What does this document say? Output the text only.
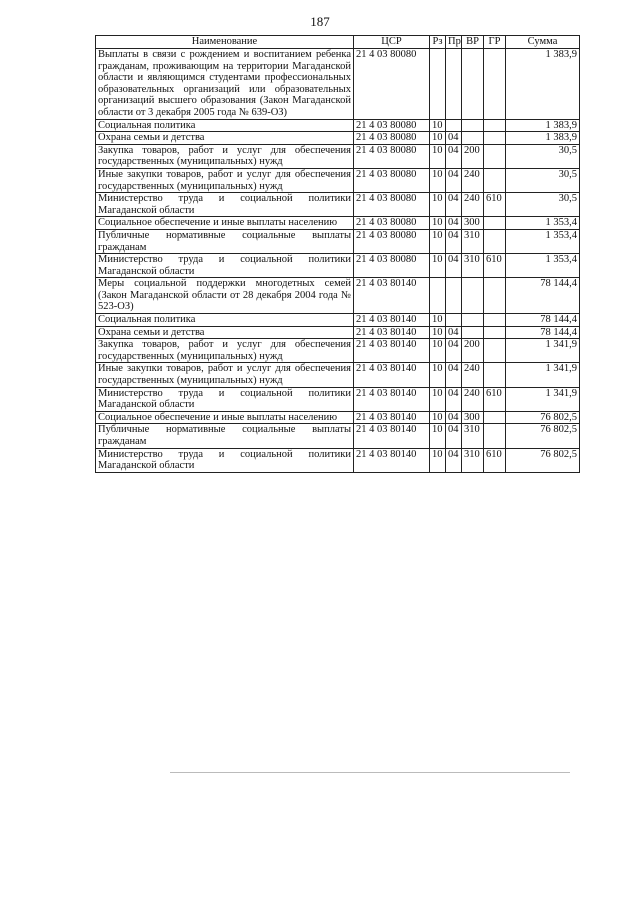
187
Наименование	ЦСР	Рз	Пр	ВР	ГР	Сумма
Выплаты в связи с рождением и воспитанием ребенка гражданам, проживающим на территории Магаданской области и являющимся студентами профессиональных образовательных организаций или образовательных организаций высшего образования (Закон Магаданской области от 3 декабря 2005 года № 639-ОЗ)	21 4 03 80080					1 383,9
Социальная политика	21 4 03 80080	10				1 383,9
Охрана семьи и детства	21 4 03 80080	10	04			1 383,9
Закупка товаров, работ и услуг для обеспечения государственных (муниципальных) нужд	21 4 03 80080	10	04	200		30,5
Иные закупки товаров, работ и услуг для обеспечения государственных (муниципальных) нужд	21 4 03 80080	10	04	240		30,5
Министерство труда и социальной политики Магаданской области	21 4 03 80080	10	04	240	610	30,5
Социальное обеспечение и иные выплаты населению	21 4 03 80080	10	04	300		1 353,4
Публичные нормативные социальные выплаты гражданам	21 4 03 80080	10	04	310		1 353,4
Министерство труда и социальной политики Магаданской области	21 4 03 80080	10	04	310	610	1 353,4
Меры социальной поддержки многодетных семей (Закон Магаданской области от 28 декабря 2004 года № 523-ОЗ)	21 4 03 80140					78 144,4
Социальная политика	21 4 03 80140	10				78 144,4
Охрана семьи и детства	21 4 03 80140	10	04			78 144,4
Закупка товаров, работ и услуг для обеспечения государственных (муниципальных) нужд	21 4 03 80140	10	04	200		1 341,9
Иные закупки товаров, работ и услуг для обеспечения государственных (муниципальных) нужд	21 4 03 80140	10	04	240		1 341,9
Министерство труда и социальной политики Магаданской области	21 4 03 80140	10	04	240	610	1 341,9
Социальное обеспечение и иные выплаты населению	21 4 03 80140	10	04	300		76 802,5
Публичные нормативные социальные выплаты гражданам	21 4 03 80140	10	04	310		76 802,5
Министерство труда и социальной политики Магаданской области	21 4 03 80140	10	04	310	610	76 802,5
